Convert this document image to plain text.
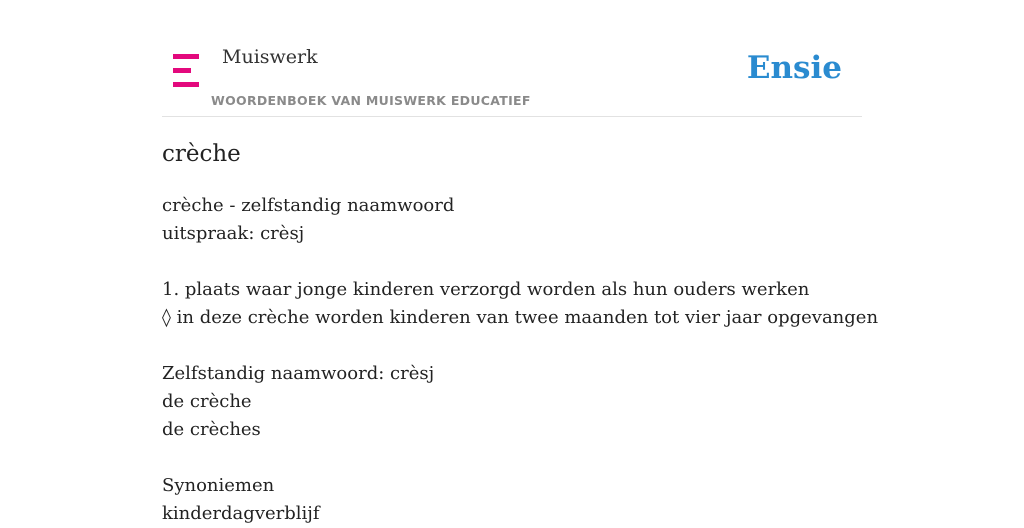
Muiswerk
WOORDENBOEK VAN MUISWERK EDUCATIEF
Ensie
crèche
crèche - zelfstandig naamwoord
uitspraak: crèsj
1. plaats waar jonge kinderen verzorgd worden als hun ouders werken
◊ in deze crèche worden kinderen van twee maanden tot vier jaar opgevangen
Zelfstandig naamwoord: crèsj
de crèche
de crèches
Synoniemen
kinderdagverblijf
